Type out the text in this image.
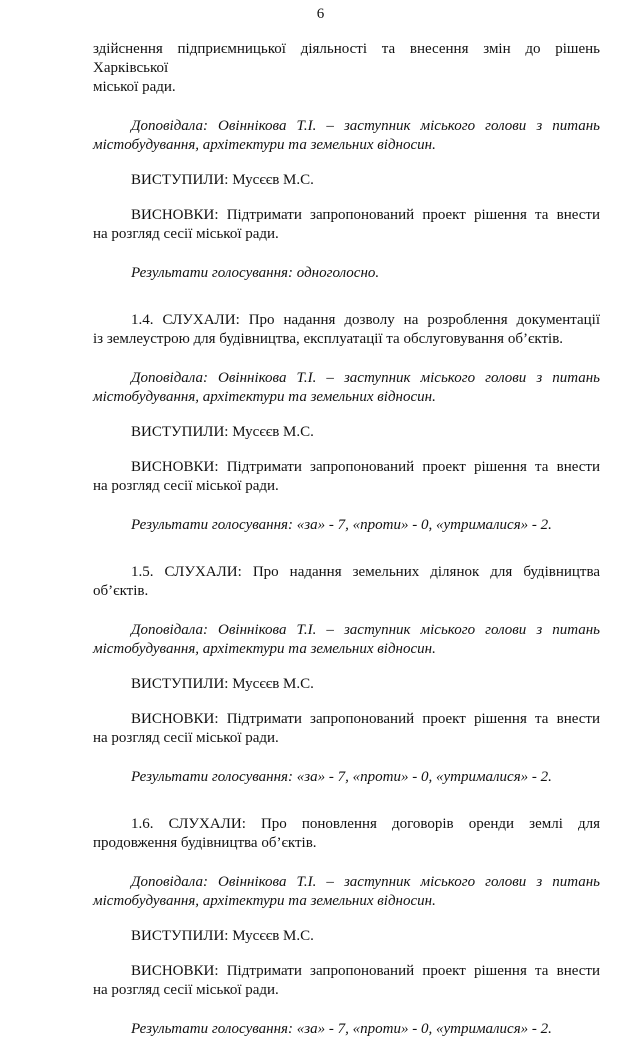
6
здійснення підприємницької діяльності та внесення змін до рішень Харківської
міської ради.
Доповідала: Овіннікова Т.І. – заступник міського голови з питань
містобудування, архітектури та земельних відносин.
ВИСТУПИЛИ: Мусєєв М.С.
ВИСНОВКИ: Підтримати запропонований проект рішення та внести
на розгляд сесії міської ради.
Результати голосування: одноголосно.
1.4. СЛУХАЛИ: Про надання дозволу на розроблення документації
із землеустрою для будівництва, експлуатації та обслуговування об’єктів.
Доповідала: Овіннікова Т.І. – заступник міського голови з питань
містобудування, архітектури та земельних відносин.
ВИСТУПИЛИ: Мусєєв М.С.
ВИСНОВКИ: Підтримати запропонований проект рішення та внести
на розгляд сесії міської ради.
Результати голосування: «за» - 7, «проти» - 0, «утрималися» - 2.
1.5. СЛУХАЛИ: Про надання земельних ділянок для будівництва
об’єктів.
Доповідала: Овіннікова Т.І. – заступник міського голови з питань
містобудування, архітектури та земельних відносин.
ВИСТУПИЛИ: Мусєєв М.С.
ВИСНОВКИ: Підтримати запропонований проект рішення та внести
на розгляд сесії міської ради.
Результати голосування: «за» - 7, «проти» - 0, «утрималися» - 2.
1.6. СЛУХАЛИ: Про поновлення договорів оренди землі для
продовження будівництва об’єктів.
Доповідала: Овіннікова Т.І. – заступник міського голови з питань
містобудування, архітектури та земельних відносин.
ВИСТУПИЛИ: Мусєєв М.С.
ВИСНОВКИ: Підтримати запропонований проект рішення та внести
на розгляд сесії міської ради.
Результати голосування: «за» - 7, «проти» - 0, «утрималися» - 2.
